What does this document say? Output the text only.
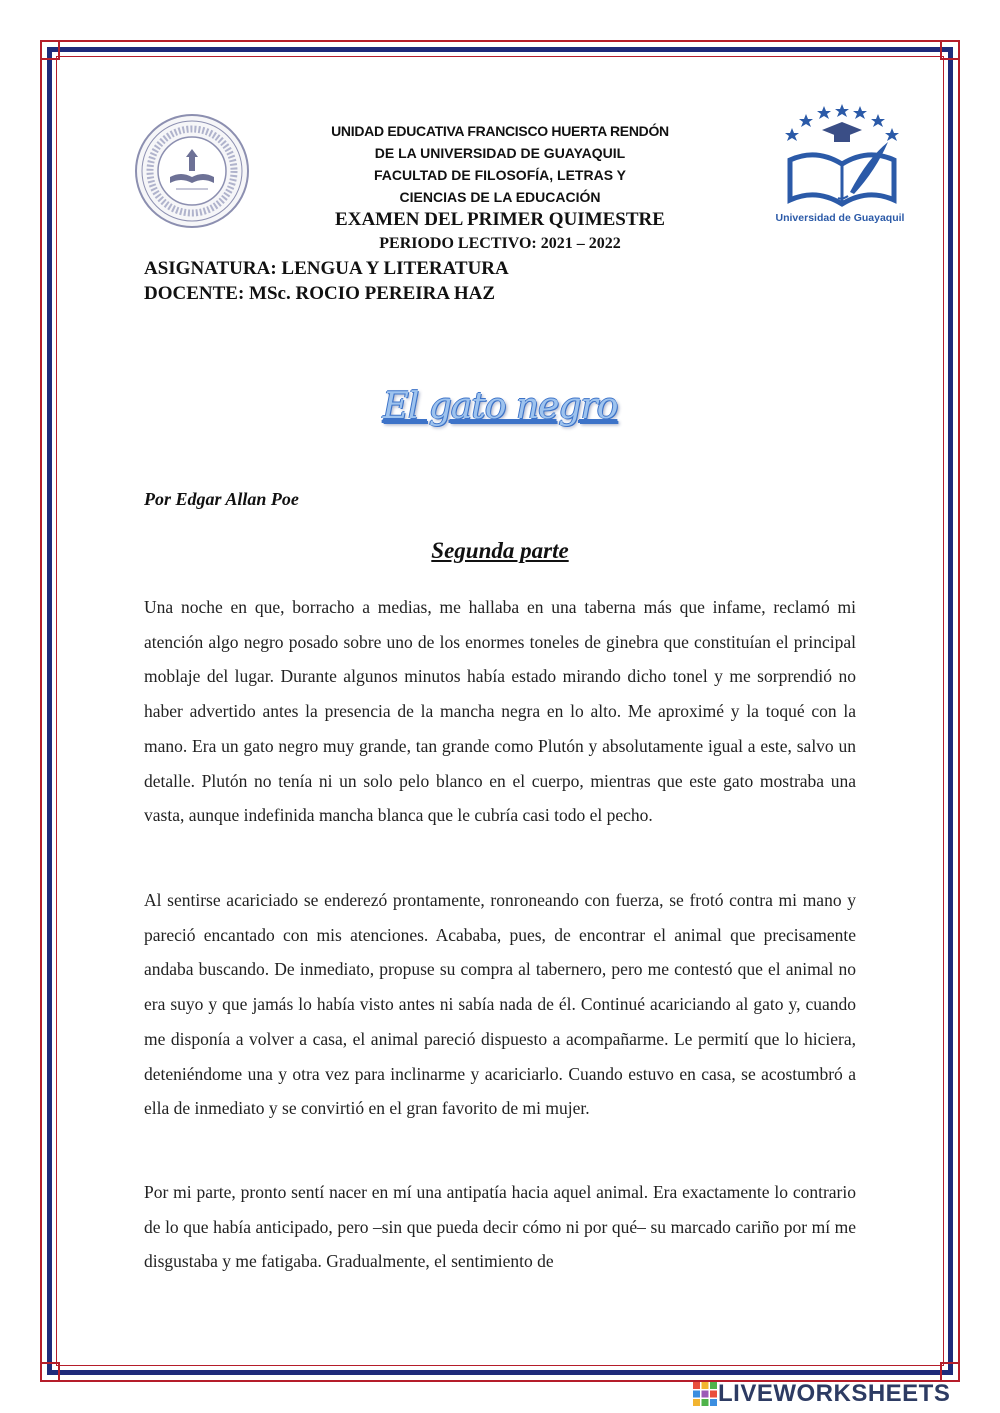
UNIDAD EDUCATIVA FRANCISCO HUERTA RENDÓN
DE LA UNIVERSIDAD DE GUAYAQUIL
FACULTAD DE FILOSOFÍA, LETRAS Y
CIENCIAS DE LA EDUCACIÓN
EXAMEN DEL PRIMER QUIMESTRE
PERIODO LECTIVO: 2021 – 2022
Universidad de Guayaquil
ASIGNATURA: LENGUA Y LITERATURA
DOCENTE: MSc. ROCIO PEREIRA HAZ
El gato negro
Por Edgar Allan Poe
Segunda parte

Una noche en que, borracho a medias, me hallaba en una taberna más que infame, reclamó mi atención algo negro posado sobre uno de los enormes toneles de ginebra que constituían el principal moblaje del lugar. Durante algunos minutos había estado mirando dicho tonel y me sorprendió no haber advertido antes la presencia de la mancha negra en lo alto. Me aproximé y la toqué con la mano. Era un gato negro muy grande, tan grande como Plutón y absolutamente igual a este, salvo un detalle. Plutón no tenía ni un solo pelo blanco en el cuerpo, mientras que este gato mostraba una vasta, aunque indefinida mancha blanca que le cubría casi todo el pecho.

Al sentirse acariciado se enderezó prontamente, ronroneando con fuerza, se frotó contra mi mano y pareció encantado con mis atenciones. Acababa, pues, de encontrar el animal que precisamente andaba buscando. De inmediato, propuse su compra al tabernero, pero me contestó que el animal no era suyo y que jamás lo había visto antes ni sabía nada de él. Continué acariciando al gato y, cuando me disponía a volver a casa, el animal pareció dispuesto a acompañarme. Le permití que lo hiciera, deteniéndome una y otra vez para inclinarme y acariciarlo. Cuando estuvo en casa, se acostumbró a ella de inmediato y se convirtió en el gran favorito de mi mujer.

Por mi parte, pronto sentí nacer en mí una antipatía hacia aquel animal. Era exactamente lo contrario de lo que había anticipado, pero –sin que pueda decir cómo ni por qué– su marcado cariño por mí me disgustaba y me fatigaba. Gradualmente, el sentimiento de

LIVEWORKSHEETS
